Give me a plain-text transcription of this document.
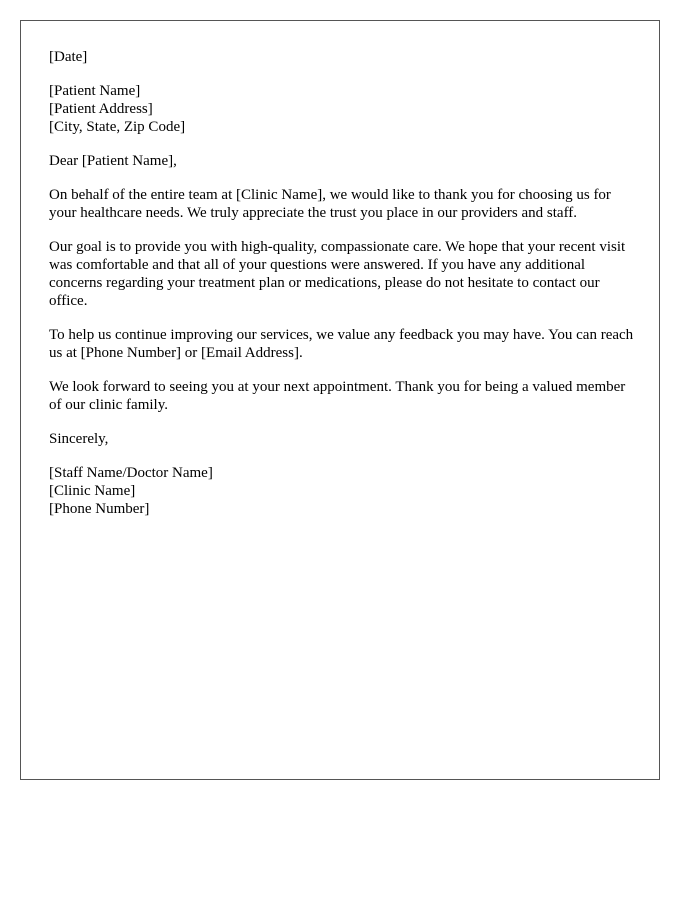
[Date]
[Patient Name]
[Patient Address]
[City, State, Zip Code]

Dear [Patient Name],

On behalf of the entire team at [Clinic Name], we would like to thank you for choosing us for your healthcare needs. We truly appreciate the trust you place in our providers and staff.

Our goal is to provide you with high-quality, compassionate care. We hope that your recent visit was comfortable and that all of your questions were answered. If you have any additional concerns regarding your treatment plan or medications, please do not hesitate to contact our office.

To help us continue improving our services, we value any feedback you may have. You can reach us at [Phone Number] or [Email Address].

We look forward to seeing you at your next appointment. Thank you for being a valued member of our clinic family.

Sincerely,

[Staff Name/Doctor Name]
[Clinic Name]
[Phone Number]
